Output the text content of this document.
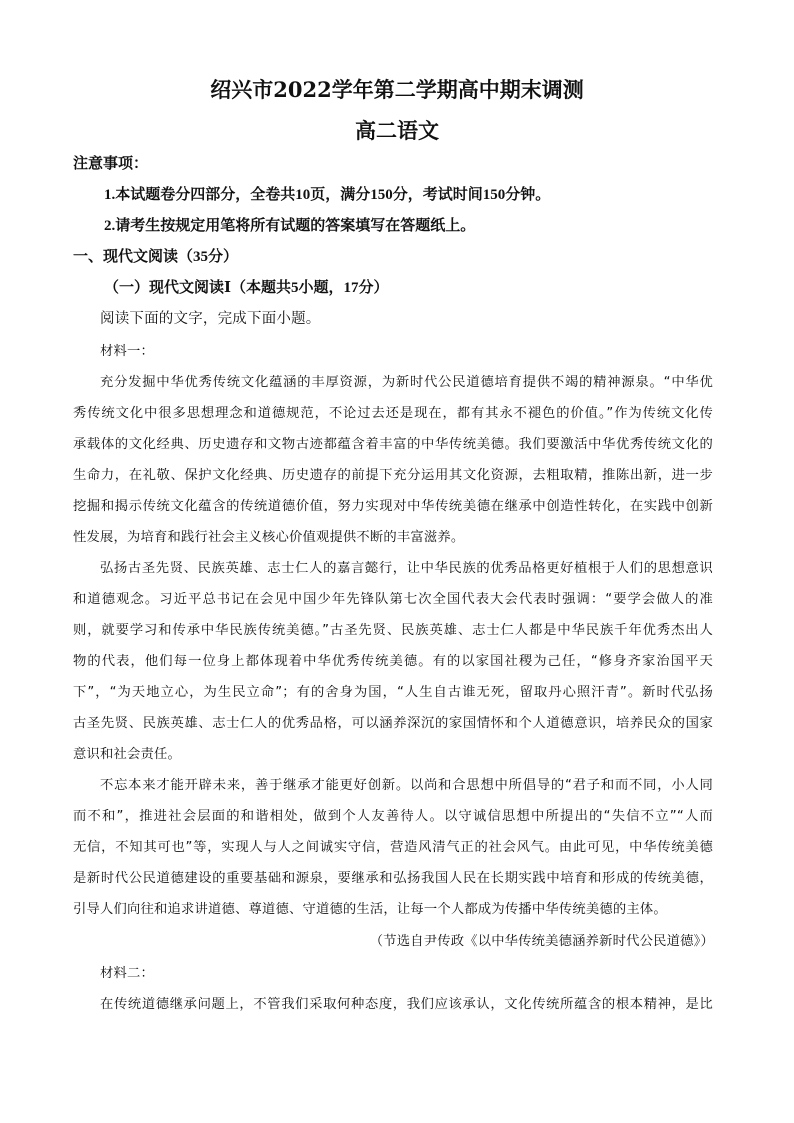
绍兴市2022学年第二学期高中期末调测
高二语文
注意事项：
1.本试题卷分四部分，全卷共10页，满分150分，考试时间150分钟。
2.请考生按规定用笔将所有试题的答案填写在答题纸上。
一、现代文阅读（35分）
（一）现代文阅读Ⅰ（本题共5小题，17分）
阅读下面的文字，完成下面小题。
材料一：
充分发掘中华优秀传统文化蕴涵的丰厚资源，为新时代公民道德培育提供不竭的精神源泉。“中华优
秀传统文化中很多思想理念和道德规范，不论过去还是现在，都有其永不褪色的价值。”作为传统文化传
承载体的文化经典、历史遗存和文物古迹都蕴含着丰富的中华传统美德。我们要激活中华优秀传统文化的
生命力，在礼敬、保护文化经典、历史遗存的前提下充分运用其文化资源，去粗取精，推陈出新，进一步
挖掘和揭示传统文化蕴含的传统道德价值，努力实现对中华传统美德在继承中创造性转化，在实践中创新
性发展，为培育和践行社会主义核心价值观提供不断的丰富滋养。
弘扬古圣先贤、民族英雄、志士仁人的嘉言懿行，让中华民族的优秀品格更好植根于人们的思想意识
和道德观念。习近平总书记在会见中国少年先锋队第七次全国代表大会代表时强调：“要学会做人的准
则，就要学习和传承中华民族传统美德。”古圣先贤、民族英雄、志士仁人都是中华民族千年优秀杰出人
物的代表，他们每一位身上都体现着中华优秀传统美德。有的以家国社稷为己任，“修身齐家治国平天
下”，“为天地立心，为生民立命”；有的舍身为国，“人生自古谁无死，留取丹心照汗青”。新时代弘扬
古圣先贤、民族英雄、志士仁人的优秀品格，可以涵养深沉的家国情怀和个人道德意识，培养民众的国家
意识和社会责任。
不忘本来才能开辟未来，善于继承才能更好创新。以尚和合思想中所倡导的“君子和而不同，小人同
而不和”，推进社会层面的和谐相处，做到个人友善待人。以守诚信思想中所提出的“失信不立”“人而
无信，不知其可也”等，实现人与人之间诚实守信，营造风清气正的社会风气。由此可见，中华传统美德
是新时代公民道德建设的重要基础和源泉，要继承和弘扬我国人民在长期实践中培育和形成的传统美德，
引导人们向往和追求讲道德、尊道德、守道德的生活，让每一个人都成为传播中华传统美德的主体。
（节选自尹传政《以中华传统美德涵养新时代公民道德》）
材料二：
在传统道德继承问题上，不管我们采取何种态度，我们应该承认，文化传统所蕴含的根本精神，是比
